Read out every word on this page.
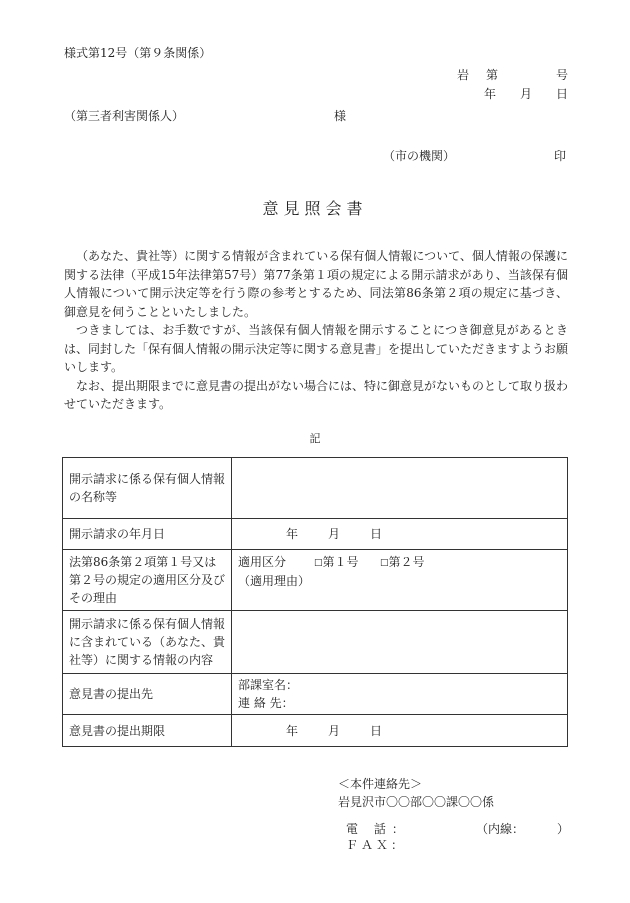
様式第12号（第９条関係）
岩 第	号
年 月 日
（第三者利害関係人）	様
（市の機関）	印
意見照会書

（あなた、貴社等）に関する情報が含まれている保有個人情報について、個人情報の保護に関する法律（平成15年法律第57号）第77条第１項の規定による開示請求があり、当該保有個人情報について開示決定等を行う際の参考とするため、同法第86条第２項の規定に基づき、御意見を伺うことといたしました。

つきましては、お手数ですが、当該保有個人情報を開示することにつき御意見があるときは、同封した「保有個人情報の開示決定等に関する意見書」を提出していただきますようお願いします。

なお、提出期限までに意見書の提出がない場合には、特に御意見がないものとして取り扱わせていただきます。

記
開示請求に係る保有個人情報の名称等	
開示請求の年月日	年 月 日
法第86条第２項第１号又は第２号の規定の適用区分及びその理由	適用区分 □第１号 □第２号
（適用理由）

開示請求に係る保有個人情報に含まれている（あなた、貴社等）に関する情報の内容	
意見書の提出先	部課室名：
連 絡 先：

意見書の提出期限	年 月 日
＜本件連絡先＞
岩見沢市〇〇部〇〇課〇〇係
電 話：	（内線：	）
ＦＡＸ：
